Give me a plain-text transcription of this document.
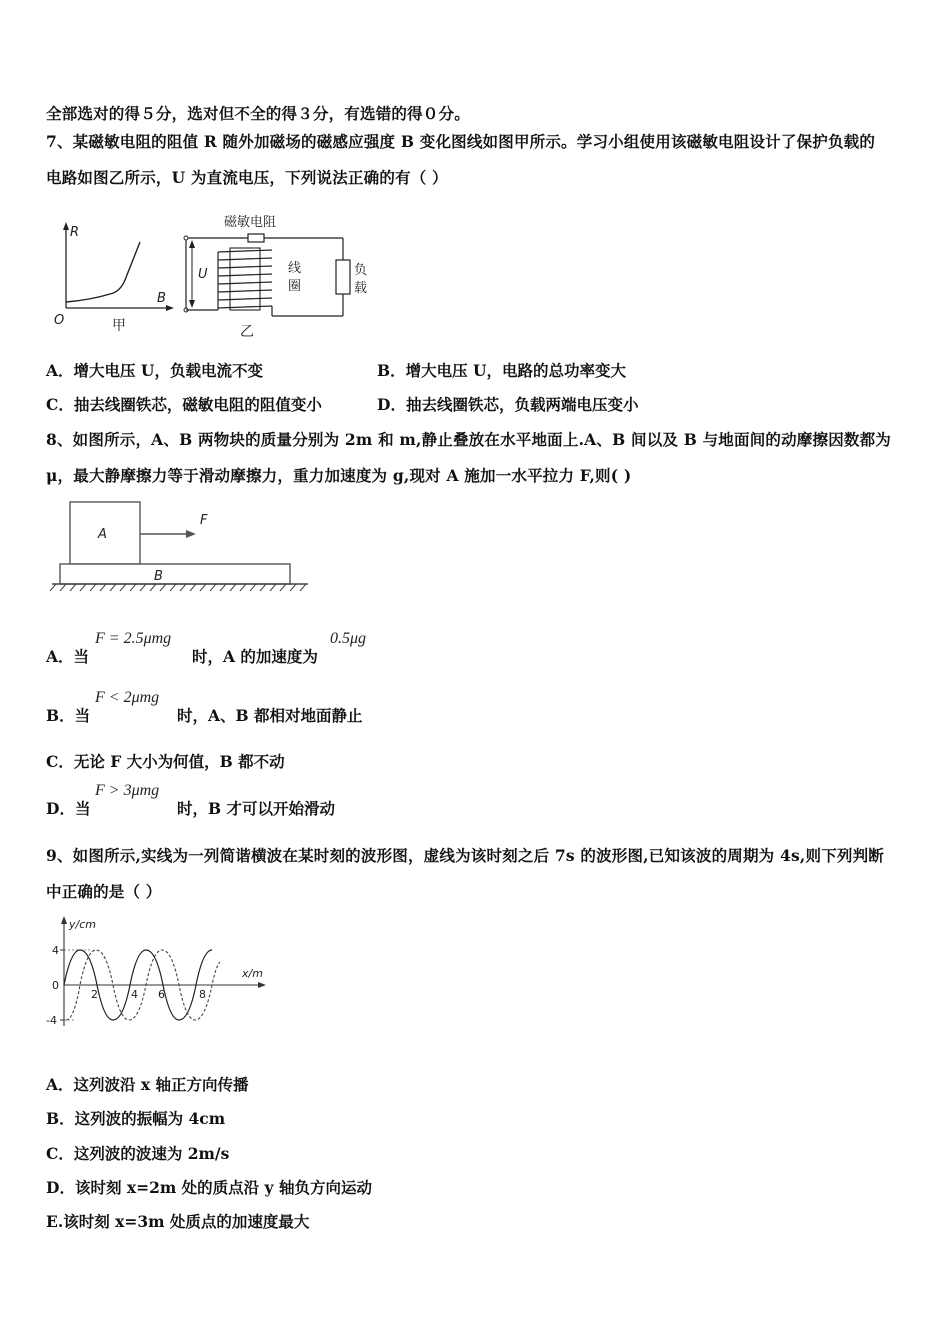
全部选对的得５分，选对但不全的得３分，有选错的得０分。
7、某磁敏电阻的阻值 R 随外加磁场的磁感应强度 B 变化图线如图甲所示。学习小组使用该磁敏电阻设计了保护负载的
电路如图乙所示，U 为直流电压，下列说法正确的有（ ）
R
B
O	甲
磁敏电阻
U	线
圈
负
载
乙
A．增大电压 U，负载电流不变	B．增大电压 U，电路的总功率变大
C．抽去线圈铁芯，磁敏电阻的阻值变小	D．抽去线圈铁芯，负载两端电压变小
8、如图所示，A、B 两物块的质量分别为 2m 和 m,静止叠放在水平地面上.A、B 间以及 B 与地面间的动摩擦因数都为
μ，最大静摩擦力等于滑动摩擦力，重力加速度为 g,现对 A 施加一水平拉力 F,则( )
A
F
B
A．当
F = 2.5μmg
时，A 的加速度为
0.5μg
B．当
F < 2μmg
时，A、B 都相对地面静止
C．无论 F 大小为何值，B 都不动
D．当
F > 3μmg
时，B 才可以开始滑动
9、如图所示,实线为一列简谐横波在某时刻的波形图，虚线为该时刻之后 7s 的波形图,已知该波的周期为 4s,则下列判断
中正确的是（ ）
y/cm
x/m
4
0
-4
2	4 6	8
A．这列波沿 x 轴正方向传播
B．这列波的振幅为 4cm
C．这列波的波速为 2m/s
D．该时刻 x=2m 处的质点沿 y 轴负方向运动
E.该时刻 x=3m 处质点的加速度最大
